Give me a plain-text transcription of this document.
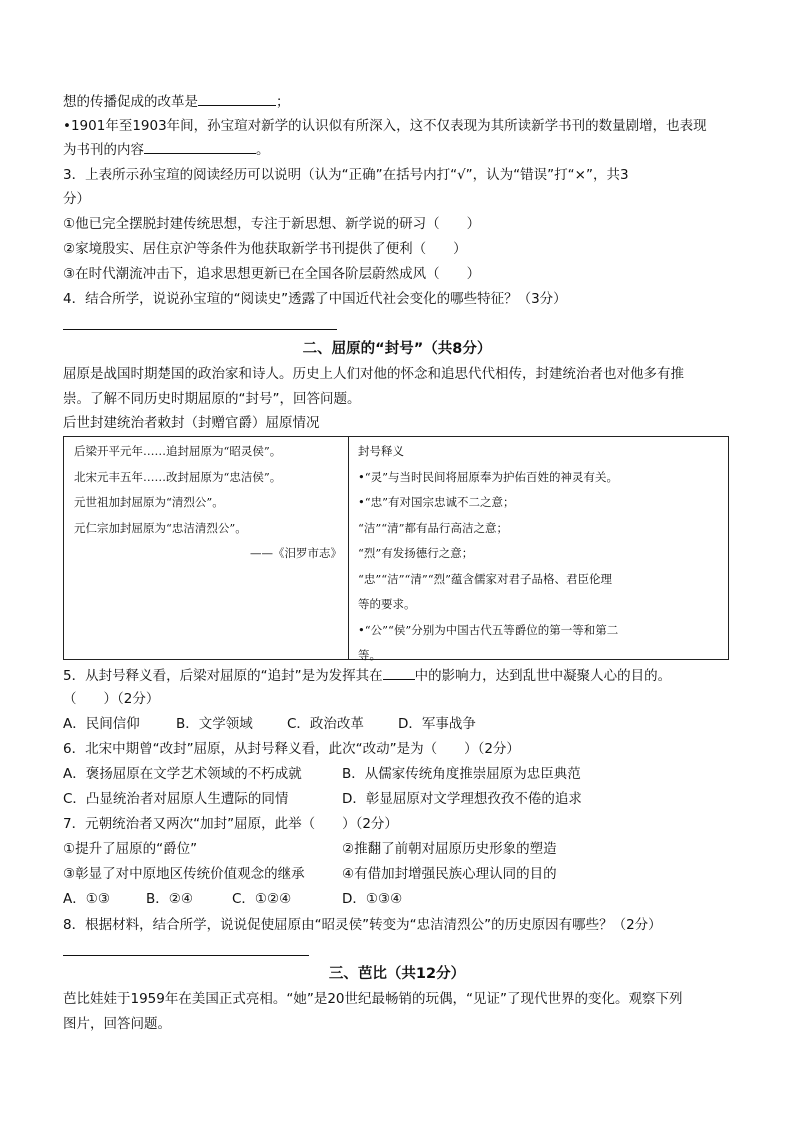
想的传播促成的改革是	；
•1901年至1903年间，孙宝瑄对新学的认识似有所深入，这不仅表现为其所读新学书刊的数量剧增，也表现
为书刊的内容	。
3．上表所示孙宝瑄的阅读经历可以说明（认为“正确”在括号内打“√”，认为“错误”打“×”，共3
分）
①他已完全摆脱封建传统思想，专注于新思想、新学说的研习（　　）
②家境殷实、居住京沪等条件为他获取新学书刊提供了便利（　　）
③在时代潮流冲击下，追求思想更新已在全国各阶层蔚然成风（　　）
4．结合所学，说说孙宝瑄的“阅读史”透露了中国近代社会变化的哪些特征？（3分）
二、屈原的“封号”（共8分）
屈原是战国时期楚国的政治家和诗人。历史上人们对他的怀念和追思代代相传，封建统治者也对他多有推
崇。了解不同历史时期屈原的“封号”，回答问题。
后世封建统治者敕封（封赠官爵）屈原情况
后梁开平元年……追封屈原为“昭灵侯”。
北宋元丰五年……改封屈原为“忠洁侯”。
元世祖加封屈原为“清烈公”。
元仁宗加封屈原为“忠洁清烈公”。
——《汨罗市志》
封号释义
•“灵”与当时民间将屈原奉为护佑百姓的神灵有关。
•“忠”有对国宗忠诚不二之意；
“洁”“清”都有品行高洁之意；
“烈”有发扬德行之意；
“忠”“洁”“清”“烈”蕴含儒家对君子品格、君臣伦理
等的要求。
•“公”“侯”分别为中国古代五等爵位的第一等和第二
等。
5．从封号释义看，后梁对屈原的“追封”是为发挥其在 中的影响力，达到乱世中凝聚人心的目的。
（　　）（2分）
A．民间信仰	B．文学领域	C．政治改革	D．军事战争
6．北宋中期曾“改封”屈原，从封号释义看，此次“改动”是为（　　）（2分）
A．褒扬屈原在文学艺术领域的不朽成就	B．从儒家传统角度推崇屈原为忠臣典范
C．凸显统治者对屈原人生遭际的同情	D．彰显屈原对文学理想孜孜不倦的追求
7．元朝统治者又两次“加封”屈原，此举（　　）（2分）
①提升了屈原的“爵位”	②推翻了前朝对屈原历史形象的塑造
③彰显了对中原地区传统价值观念的继承	④有借加封增强民族心理认同的目的
A．①③	B．②④	C．①②④	D．①③④
8．根据材料，结合所学，说说促使屈原由“昭灵侯”转变为“忠洁清烈公”的历史原因有哪些？（2分）
三、芭比（共12分）
芭比娃娃于1959年在美国正式亮相。“她”是20世纪最畅销的玩偶，“见证”了现代世界的变化。观察下列
图片，回答问题。
